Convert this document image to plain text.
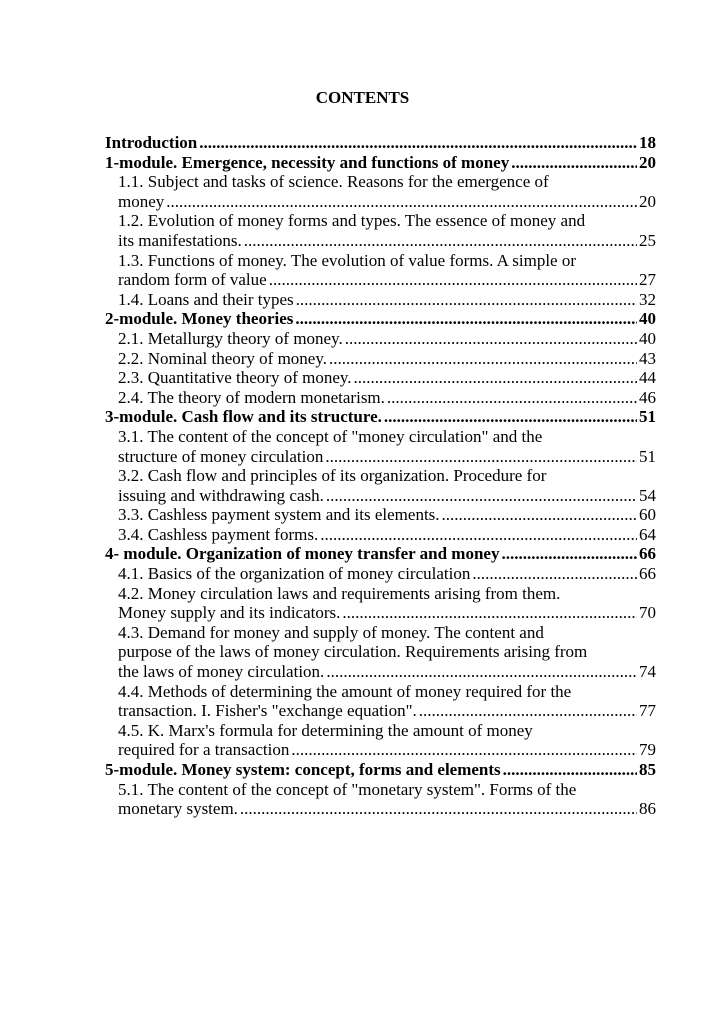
CONTENTS
Introduction .....	18
1-module. Emergence, necessity and functions of money .....	20
1.1. Subject and tasks of science. Reasons for the emergence of
money .....	20
1.2. Evolution of money forms and types. The essence of money and
its manifestations. .....	25
1.3. Functions of money. The evolution of value forms. A simple or
random form of value .....	27
1.4. Loans and their types .....	32
2-module. Money theories .....	40
2.1. Metallurgy theory of money. .....	40
2.2. Nominal theory of money. .....	43
2.3. Quantitative theory of money. .....	44
2.4. The theory of modern monetarism. .....	46
3-module. Cash flow and its structure. .....	51
3.1. The content of the concept of "money circulation" and the
structure of money circulation .....	51
3.2. Cash flow and principles of its organization. Procedure for
issuing and withdrawing cash. .....	54
3.3. Cashless payment system and its elements. .....	60
3.4. Cashless payment forms. .....	64
4- module. Organization of money transfer and money .....	66
4.1. Basics of the organization of money circulation .....	66
4.2. Money circulation laws and requirements arising from them.
Money supply and its indicators. .....	70
4.3. Demand for money and supply of money. The content and
purpose of the laws of money circulation. Requirements arising from
the laws of money circulation. .....	74
4.4. Methods of determining the amount of money required for the
transaction. I. Fisher's "exchange equation". .....	77
4.5. K. Marx's formula for determining the amount of money
required for a transaction .....	79
5-module. Money system: concept, forms and elements .....	85
5.1. The content of the concept of "monetary system". Forms of the
monetary system. .....	86
